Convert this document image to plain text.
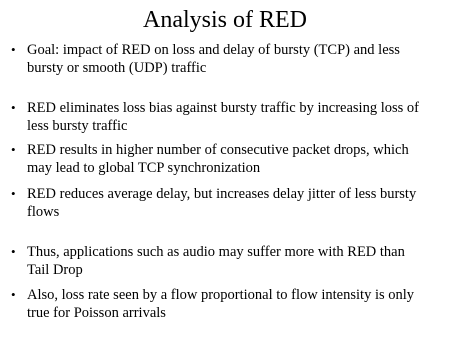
Analysis of RED
• Goal: impact of RED on loss and delay of bursty (TCP) and less
bursty or smooth (UDP) traffic
• RED eliminates loss bias against bursty traffic by increasing loss of
less bursty traffic
• RED results in higher number of consecutive packet drops, which
may lead to global TCP synchronization
• RED reduces average delay, but increases delay jitter of less bursty
flows
• Thus, applications such as audio may suffer more with RED than
Tail Drop
• Also, loss rate seen by a flow proportional to flow intensity is only
true for Poisson arrivals
